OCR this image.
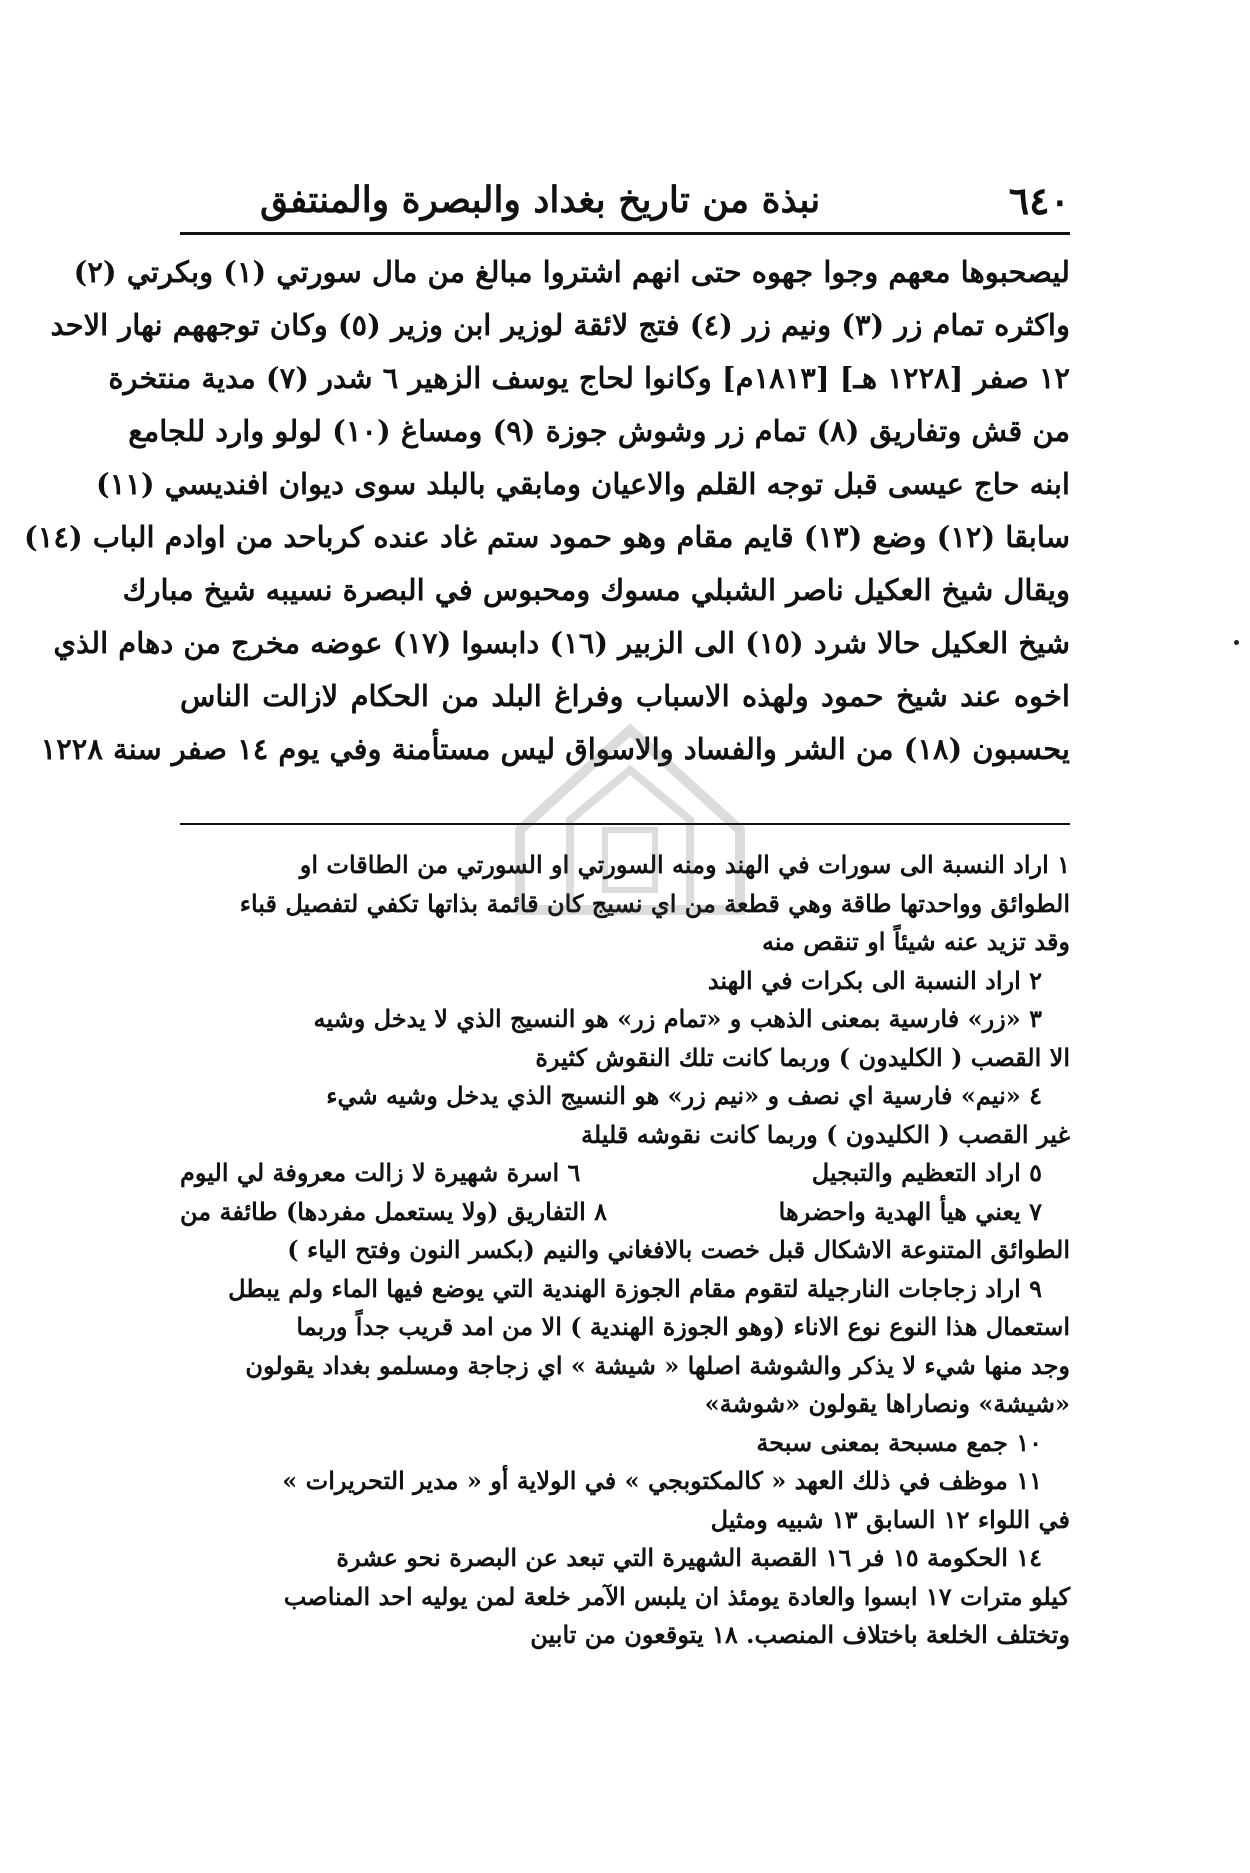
٦٤٠
نبذة من تاريخ بغداد والبصرة والمنتفق
ليصحبوها معهم وجوا جهوه حتى انهم اشتروا مبالغ من مال سورتي (١) وبكرتي (٢)
واكثره تمام زر (٣) ونيم زر (٤) فتج لائقة لوزير ابن وزير (٥) وكان توجههم نهار الاحد
١٢ صفر [١٢٢٨ هـ] [١٨١٣م] وكانوا لحاج يوسف الزهير ٦ شدر (٧) مدية منتخرة
من قش وتفاريق (٨) تمام زر وشوش جوزة (٩) ومساغ (١٠) لولو وارد للجامع
ابنه حاج عيسى قبل توجه القلم والاعيان ومابقي بالبلد سوى ديوان افنديسي (١١)
سابقا (١٢) وضع (١٣) قايم مقام وهو حمود ستم غاد عنده كرباحد من اوادم الباب (١٤)
ويقال شيخ العكيل ناصر الشبلي مسوك ومحبوس في البصرة نسيبه شيخ مبارك
شيخ العكيل حالا شرد (١٥) الى الزبير (١٦) دابسوا (١٧) عوضه مخرج من دهام الذي
اخوه عند شيخ حمود ولهذه الاسباب وفراغ البلد من الحكام لازالت الناس
يحسبون (١٨) من الشر والفساد والاسواق ليس مستأمنة وفي يوم ١٤ صفر سنة ١٢٢٨
١ اراد النسبة الى سورات في الهند ومنه السورتي او السورتي من الطاقات او
الطوائق وواحدتها طاقة وهي قطعة من اي نسيج كان قائمة بذاتها تكفي لتفصيل قباء
وقد تزيد عنه شيئاً او تنقص منه
٢ اراد النسبة الى بكرات في الهند
٣ «زر» فارسية بمعنى الذهب و «تمام زر» هو النسيج الذي لا يدخل وشيه
الا القصب ( الكليدون ) وربما كانت تلك النقوش كثيرة
٤ «نيم» فارسية اي نصف و «نيم زر» هو النسيج الذي يدخل وشيه شيء
غير القصب ( الكليدون ) وربما كانت نقوشه قليلة
٥ اراد التعظيم والتبجيل
٦ اسرة شهيرة لا زالت معروفة لي اليوم
٧ يعني هيأ الهدية واحضرها
٨ التفاريق (ولا يستعمل مفردها) طائفة من
الطوائق المتنوعة الاشكال قبل خصت بالافغاني والنيم (بكسر النون وفتح الياء )
٩ اراد زجاجات النارجيلة لتقوم مقام الجوزة الهندية التي يوضع فيها الماء ولم يبطل
استعمال هذا النوع نوع الاناء (وهو الجوزة الهندية ) الا من امد قريب جداً وربما
وجد منها شيء لا يذكر والشوشة اصلها « شيشة » اي زجاجة ومسلمو بغداد يقولون
«شيشة» ونصاراها يقولون «شوشة»
١٠ جمع مسبحة بمعنى سبحة
١١ موظف في ذلك العهد « كالمكتوبجي » في الولاية أو « مدير التحريرات »
في اللواء ١٢ السابق ١٣ شبيه ومثيل
١٤ الحكومة ١٥ فر ١٦ القصبة الشهيرة التي تبعد عن البصرة نحو عشرة
كيلو مترات ١٧ ابسوا والعادة يومئذ ان يلبس الآمر خلعة لمن يوليه احد المناصب
وتختلف الخلعة باختلاف المنصب. ١٨ يتوقعون من تابين
